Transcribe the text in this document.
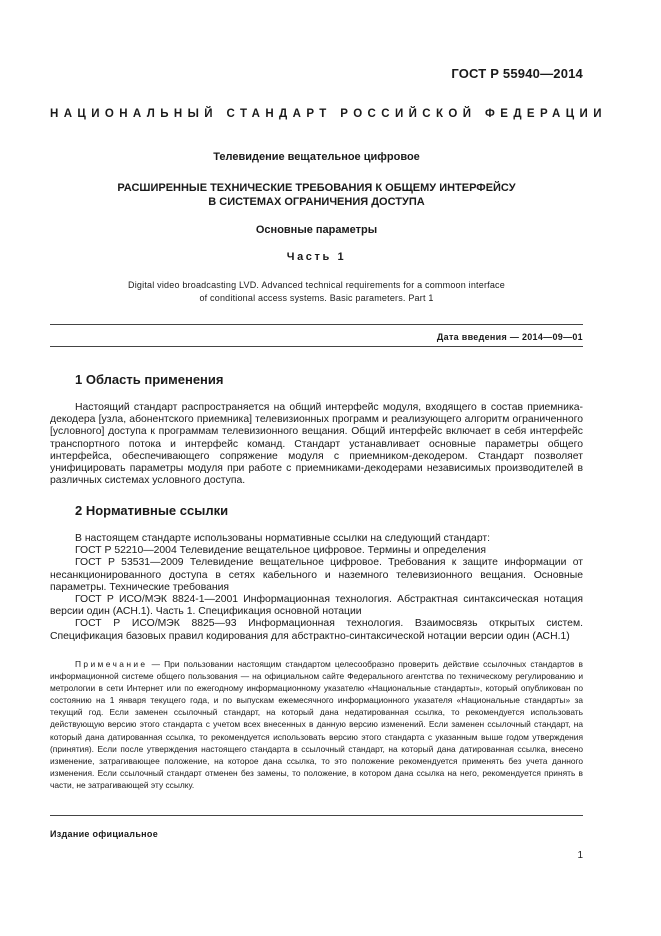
ГОСТ Р 55940—2014
НАЦИОНАЛЬНЫЙ СТАНДАРТ РОССИЙСКОЙ ФЕДЕРАЦИИ
Телевидение вещательное цифровое
РАСШИРЕННЫЕ ТЕХНИЧЕСКИЕ ТРЕБОВАНИЯ К ОБЩЕМУ ИНТЕРФЕЙСУ
В СИСТЕМАХ ОГРАНИЧЕНИЯ ДОСТУПА
Основные параметры
Часть 1
Digital video broadcasting LVD. Advanced technical requirements for a commoon interface
of conditional access systems. Basic parameters. Part 1
Дата введения — 2014—09—01
1 Область применения

Настоящий стандарт распространяется на общий интерфейс модуля, входящего в состав приемника-декодера [узла, абонентского приемника] телевизионных программ и реализующего алгоритм ограниченного [условного] доступа к программам телевизионного вещания. Общий интерфейс включает в себя интерфейс транспортного потока и интерфейс команд. Стандарт устанавливает основные параметры общего интерфейса, обеспечивающего сопряжение модуля с приемником-декодером. Стандарт позволяет унифицировать параметры модуля при работе с приемниками-декодерами независимых производителей в различных системах условного доступа.

2 Нормативные ссылки

В настоящем стандарте использованы нормативные ссылки на следующий стандарт:

ГОСТ Р 52210—2004 Телевидение вещательное цифровое. Термины и определения

ГОСТ Р 53531—2009 Телевидение вещательное цифровое. Требования к защите информации от несанкционированного доступа в сетях кабельного и наземного телевизионного вещания. Основные параметры. Технические требования

ГОСТ Р ИСО/МЭК 8824-1—2001 Информационная технология. Абстрактная синтаксическая нотация версии один (АСН.1). Часть 1. Спецификация основной нотации

ГОСТ Р ИСО/МЭК 8825—93 Информационная технология. Взаимосвязь открытых систем. Спецификация базовых правил кодирования для абстрактно-синтаксической нотации версии один (АСН.1)

Примечание — При пользовании настоящим стандартом целесообразно проверить действие ссылочных стандартов в информационной системе общего пользования — на официальном сайте Федерального агентства по техническому регулированию и метрологии в сети Интернет или по ежегодному информационному указателю «Национальные стандарты», который опубликован по состоянию на 1 января текущего года, и по выпускам ежемесячного информационного указателя «Национальные стандарты» за текущий год. Если заменен ссылочный стандарт, на который дана недатированная ссылка, то рекомендуется использовать действующую версию этого стандарта с учетом всех внесенных в данную версию изменений. Если заменен ссылочный стандарт, на который дана датированная ссылка, то рекомендуется использовать версию этого стандарта с указанным выше годом утверждения (принятия). Если после утверждения настоящего стандарта в ссылочный стандарт, на который дана датированная ссылка, внесено изменение, затрагивающее положение, на которое дана ссылка, то это положение рекомендуется применять без учета данного изменения. Если ссылочный стандарт отменен без замены, то положение, в котором дана ссылка на него, рекомендуется принять в части, не затрагивающей эту ссылку.

Издание официальное
1
